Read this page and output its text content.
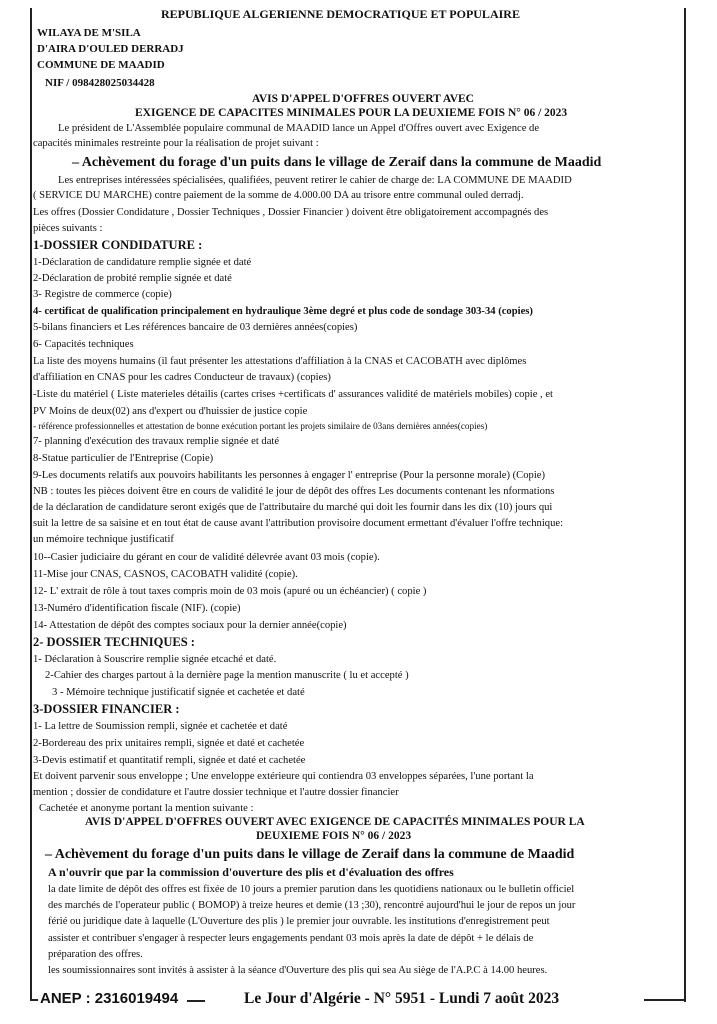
REPUBLIQUE ALGERIENNE DEMOCRATIQUE ET POPULAIRE
WILAYA DE M'SILA
D'AIRA D'OULED DERRADJ
COMMUNE DE MAADID
NIF / 098428025034428
AVIS D'APPEL D'OFFRES OUVERT AVEC
EXIGENCE DE CAPACITES MINIMALES POUR LA DEUXIEME FOIS N° 06 / 2023
Le président de L'Assemblée populaire communal de MAADID lance un Appel d'Offres ouvert avec Exigence de
capacités minimales restreinte pour la réalisation de projet suivant :
– Achèvement du forage d'un puits dans le village de Zeraif dans la commune de Maadid
Les entreprises intéressées spécialisées, qualifiées, peuvent retirer le cahier de charge de: LA COMMUNE DE MAADID
( SERVICE DU MARCHE) contre paiement de la somme de 4.000.00 DA au trisore entre communal ouled derradj.
Les offres (Dossier Condidature , Dossier Techniques , Dossier Financier ) doivent être obligatoirement accompagnés des
pièces suivants :
1-DOSSIER CONDIDATURE :
1-Déclaration de candidature remplie signée et daté
2-Déclaration de probité remplie signée et daté
3- Registre de commerce (copie)
4- certificat de qualification principalement en hydraulique 3ème degré et plus code de sondage 303-34 (copies)
5-bilans financiers et Les références bancaire de 03 dernières années(copies)
6- Capacités techniques
La liste des moyens humains (il faut présenter les attestations d'affiliation à la CNAS et CACOBATH avec diplômes
d'affiliation en CNAS pour les cadres Conducteur de travaux) (copies)
-Liste du matériel ( Liste materieles détailis (cartes crises +certificats d' assurances validité de matériels mobiles) copie , et
PV Moins de deux(02) ans d'expert ou d'huissier de justice copie
- référence professionnelles et attestation de bonne exécution portant les projets similaire de 03ans dernières années(copies)
7- planning d'exécution des travaux remplie signée et daté
8-Statue particulier de l'Entreprise (Copie)
9-Les documents relatifs aux pouvoirs habilitants les personnes à engager l' entreprise (Pour la personne morale) (Copie)
NB : toutes les pièces doivent être en cours de validité le jour de dépôt des offres Les documents contenant les nformations
de la déclaration de candidature seront exigés que de l'attributaire du marché qui doit les fournir dans les dix (10) jours qui
suit la lettre de sa saisine et en tout état de cause avant l'attribution provisoire document ermettant d'évaluer l'offre technique:
un mémoire technique justificatif
10--Casier judiciaire du gérant en cour de validité délevrée avant 03 mois (copie).
11-Mise jour CNAS, CASNOS, CACOBATH validité (copie).
12- L' extrait de rôle à tout taxes compris moin de 03 mois (apuré ou un échéancier) ( copie )
13-Numéro d'identification fiscale (NIF). (copie)
14- Attestation de dépôt des comptes sociaux pour la dernier année(copie)
2- DOSSIER TECHNIQUES :
1- Déclaration à Souscrire remplie signée etcaché et daté.
2-Cahier des charges partout à la dernière page la mention manuscrite ( lu et accepté )
3 - Mémoire technique justificatif signée et cachetée et daté
3-DOSSIER FINANCIER :
1- La lettre de Soumission rempli, signée et cachetée et daté
2-Bordereau des prix unitaires rempli, signée et daté et cachetée
3-Devis estimatif et quantitatif rempli, signée et daté et cachetée
Et doivent parvenir sous enveloppe ; Une enveloppe extérieure qui contiendra 03 enveloppes séparées, l'une portant la
mention ; dossier de condidature et l'autre dossier technique et l'autre dossier financier
Cachetée et anonyme portant la mention suivante :
AVIS D'APPEL D'OFFRES OUVERT AVEC EXIGENCE DE CAPACITÉS MINIMALES POUR LA
DEUXIEME FOIS N° 06 / 2023
– Achèvement du forage d'un puits dans le village de Zeraif dans la commune de Maadid
A n'ouvrir que par la commission d'ouverture des plis et d'évaluation des offres
la date limite de dépôt des offres est fixée de 10 jours a premier parution dans les quotidiens nationaux ou le bulletin officiel
des marchés de l'operateur public ( BOMOP) à treize heures et demie (13 ;30), rencontré aujourd'hui le jour de repos un jour
férié ou juridique date à laquelle (L'Ouverture des plis ) le premier jour ouvrable. les institutions d'enregistrement peut
assister et contribuer s'engager à respecter leurs engagements pendant 03 mois après la date de dépôt + le délais de
préparation des offres.
les soumissionnaires sont invités à assister à la séance d'Ouverture des plis qui sea Au siège de l'A.P.C à 14.00 heures.
ANEP : 2316019494	Le Jour d'Algérie - N° 5951 - Lundi 7 août 2023
